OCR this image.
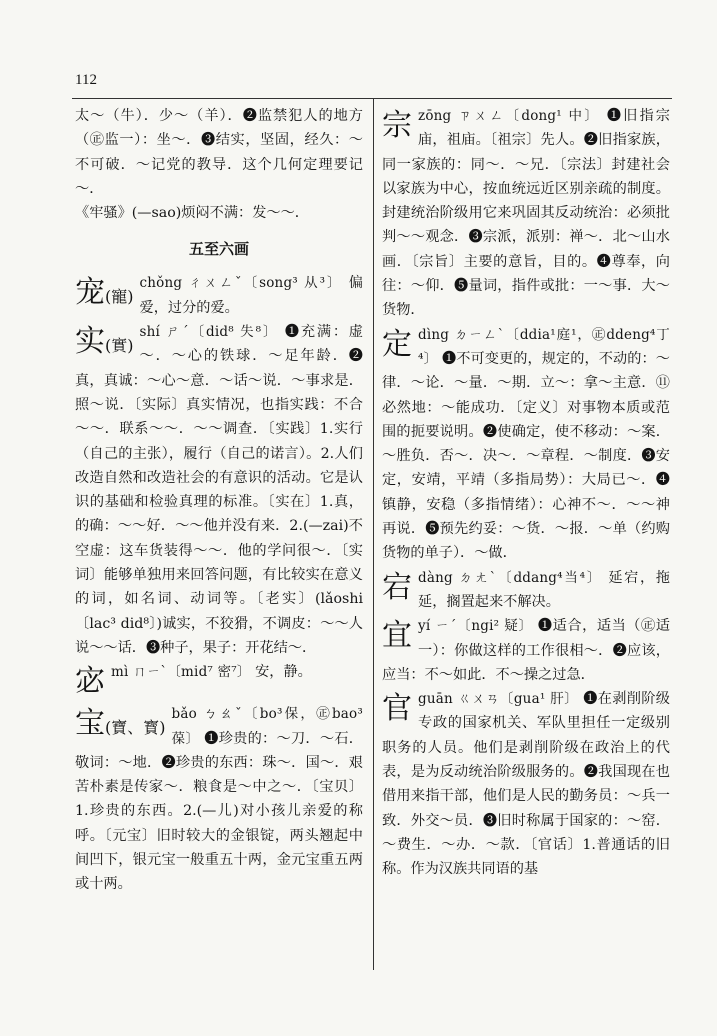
112

太～（牛）．少～（羊）．❷监禁犯人的地方（㊣监一）：坐～．❸结实，坚固，经久：～不可破．～记党的教导．这个几何定理要记～．

《牢骚》(—sao)烦闷不满：发～～．

五至六画
宠(寵)

chǒng ㄔㄨㄥˇ〔song³ 从³〕 偏爱，过分的爱。

实(實)

shí ㄕˊ〔did⁸ 失⁸〕 ❶充满：虚～．～心的铁球．～足年龄．❷真，真诚：～心～意．～话～说．～事求是．照～说．〔实际〕真实情况，也指实践：不合～～．联系～～．～～调查．〔实践〕1.实行（自己的主张），履行（自己的诺言）。2.人们改造自然和改造社会的有意识的活动。它是认识的基础和检验真理的标准。〔实在〕1.真，的确：～～好．～～他并没有来．2.(—zai)不空虚：这车货装得～～．他的学问很～．〔实词〕能够单独用来回答问题，有比较实在意义的词，如名词、动词等。〔老实〕(lǎoshi〔lac³ did⁸〕)诚实，不狡猾，不调皮：～～人说～～话．❸种子，果子：开花结～．

宓 mì ㄇㄧˋ〔mid⁷ 密⁷〕 安，静。

宝(寶、寳)

bǎo ㄅㄠˇ〔bo³保，㊣bao³葆〕 ❶珍贵的：～刀．～石．敬词：～地．❷珍贵的东西：珠～．国～．艰苦朴素是传家～．粮食是～中之～．〔宝贝〕1.珍贵的东西。2.(—儿)对小孩儿亲爱的称呼。〔元宝〕旧时较大的金银锭，两头翘起中间凹下，银元宝一般重五十两，金元宝重五两或十两。

宗 zōng ㄗㄨㄥ〔dong¹ 中〕 ❶旧指宗庙，祖庙。〔祖宗〕先人。❷旧指家族，同一家族的：同～．～兄．〔宗法〕封建社会以家族为中心，按血统远近区别亲疏的制度。封建统治阶级用它来巩固其反动统治：必须批判～～观念．❸宗派，派别：禅～．北～山水画．〔宗旨〕主要的意旨，目的。❹尊奉，向往：～仰．❺量词，指件或批：一～事．大～货物．

定 dìng ㄉㄧㄥˋ〔ddia¹庭¹，㊣ddeng⁴丁⁴〕 ❶不可变更的，规定的，不动的：～律．～论．～量．～期．立～：拿～主意．⑪必然地：～能成功．〔定义〕对事物本质或范围的扼要说明。❷使确定，使不移动：～案．～胜负．否～．决～．～章程．～制度．❸安定，安靖，平靖（多指局势）：大局已～．❹镇静，安稳（多指情绪）：心神不～．～～神再说．❺预先约妥：～货．～报．～单（约购货物的单子）．～做．

宕 dàng ㄉㄤˋ〔ddang⁴当⁴〕 延宕，拖延，搁置起来不解决。

宜 yí ㄧˊ〔ngi² 疑〕 ❶适合，适当（㊣适一）：你做这样的工作很相～．❷应该，应当：不～如此．不～操之过急．

官 guān ㄍㄨㄢ〔gua¹ 肝〕 ❶在剥削阶级专政的国家机关、军队里担任一定级别职务的人员。他们是剥削阶级在政治上的代表，是为反动统治阶级服务的。❷我国现在也借用来指干部，他们是人民的勤务员：～兵一致．外交～员．❸旧时称属于国家的：～窑．～费生．～办．～款．〔官话〕1.普通话的旧称。作为汉族共同语的基
